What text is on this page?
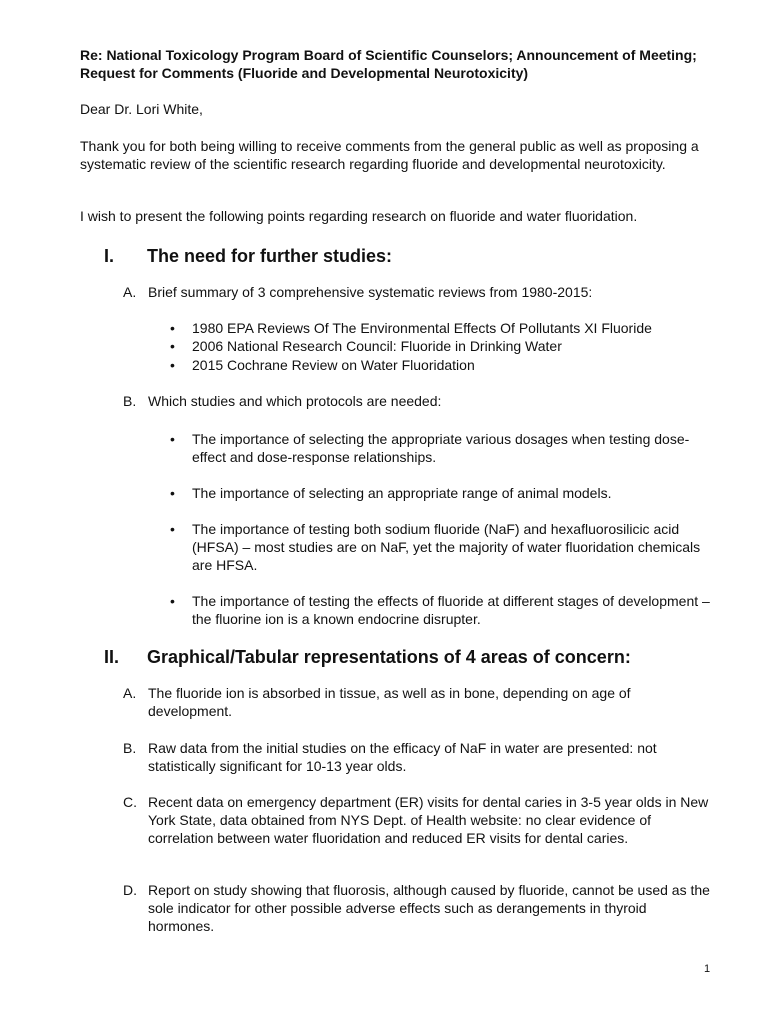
Re: National Toxicology Program Board of Scientific Counselors; Announcement of Meeting; Request for Comments (Fluoride and Developmental Neurotoxicity)
Dear Dr. Lori White,
Thank you for both being willing to receive comments from the general public as well as proposing a systematic review of the scientific research regarding fluoride and developmental neurotoxicity.
I wish to present the following points regarding research on fluoride and water fluoridation.
I. The need for further studies:
A. Brief summary of 3 comprehensive systematic reviews from 1980-2015:
• 1980 EPA Reviews Of The Environmental Effects Of Pollutants XI Fluoride
• 2006 National Research Council: Fluoride in Drinking Water
• 2015 Cochrane Review on Water Fluoridation
B. Which studies and which protocols are needed:
• The importance of selecting the appropriate various dosages when testing dose-effect and dose-response relationships.
• The importance of selecting an appropriate range of animal models.
• The importance of testing both sodium fluoride (NaF) and hexafluorosilicic acid (HFSA) – most studies are on NaF, yet the majority of water fluoridation chemicals are HFSA.
• The importance of testing the effects of fluoride at different stages of development – the fluorine ion is a known endocrine disrupter.
II. Graphical/Tabular representations of 4 areas of concern:
A. The fluoride ion is absorbed in tissue, as well as in bone, depending on age of development.
B. Raw data from the initial studies on the efficacy of NaF in water are presented: not statistically significant for 10-13 year olds.
C. Recent data on emergency department (ER) visits for dental caries in 3-5 year olds in New York State, data obtained from NYS Dept. of Health website: no clear evidence of correlation between water fluoridation and reduced ER visits for dental caries.
D. Report on study showing that fluorosis, although caused by fluoride, cannot be used as the sole indicator for other possible adverse effects such as derangements in thyroid hormones.
1
